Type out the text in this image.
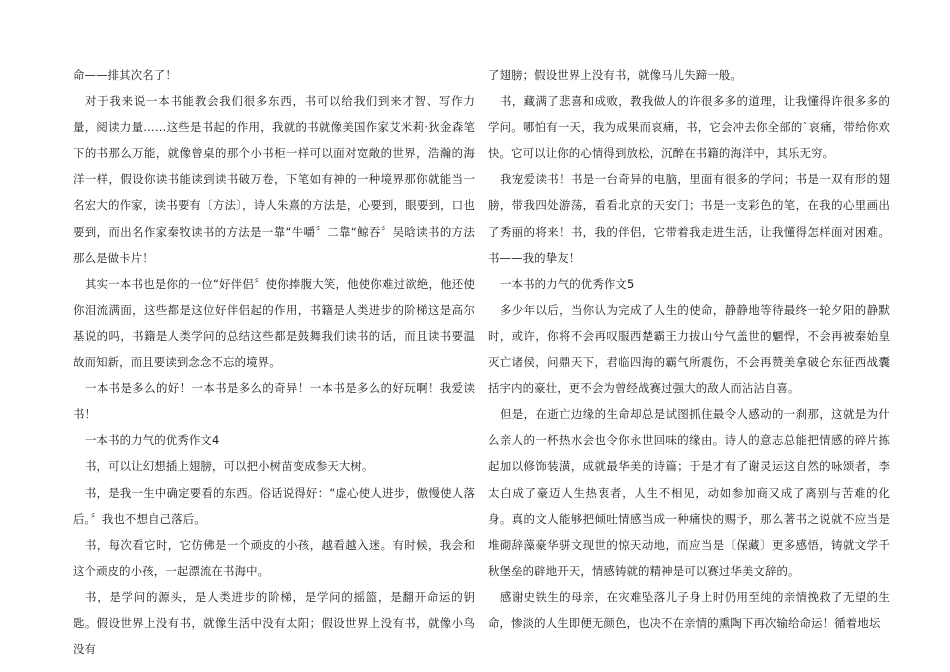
命——排其次名了！

对于我来说一本书能教会我们很多东西，书可以给我们到来才智、写作力量，阅读力量……这些是书起的作用，我就的书就像美国作家艾米莉·狄金森笔下的书那么万能，就像曾桌的那个小书柜一样可以面对宽敞的世界，浩瀚的海洋一样，假设你读书能读到读书破万卷，下笔如有神的一种境界那你就能当一名宏大的作家，读书要有〔方法〕，诗人朱熹的方法是，心要到，眼要到，口也要到，而出名作家秦牧读书的方法是一靠“牛嚼〞二靠“鲸吞〞吴晗读书的方法那么是做卡片！

其实一本书也是你的一位“好伴侣〞使你捧腹大笑，他使你难过欲绝，他还使你泪流满面，这些都是这位好伴侣起的作用，书籍是人类进步的阶梯这是高尔基说的吗，书籍是人类学问的总结这些都是鼓舞我们读书的话，而且读书要温故而知新，而且要读到念念不忘的境界。

一本书是多么的好！一本书是多么的奇异！一本书是多么的好玩啊！我爱读书！

一本书的力气的优秀作文4

书，可以让幻想插上翅膀，可以把小树苗变成参天大树。

书，是我一生中确定要看的东西。俗话说得好：“虚心使人进步，傲慢使人落后。〞我也不想自己落后。

书，每次看它时，它仿佛是一个顽皮的小孩，越看越入迷。有时候，我会和这个顽皮的小孩，一起漂流在书海中。

书，是学问的源头，是人类进步的阶梯，是学问的摇篮，是翻开命运的钥匙。假设世界上没有书，就像生活中没有太阳；假设世界上没有书，就像小鸟没有

了翅膀；假设世界上没有书，就像马儿失蹄一般。

书，藏满了悲喜和成败，教我做人的许很多多的道理，让我懂得许很多多的学问。哪怕有一天，我为成果而哀痛，书，它会冲去你全部的`哀痛，带给你欢快。它可以让你的心情得到放松，沉醉在书籍的海洋中，其乐无穷。

我宠爱读书！书是一台奇异的电脑，里面有很多的学问；书是一双有形的翅膀，带我四处游荡，看看北京的天安门；书是一支彩色的笔，在我的心里画出了秀丽的将来！书，我的伴侣，它带着我走进生活，让我懂得怎样面对困难。书——我的挚友！

一本书的力气的优秀作文5

多少年以后，当你认为完成了人生的使命，静静地等待最终一轮夕阳的静默时，或许，你将不会再叹服西楚霸王力拔山兮气盖世的魍悍，不会再被秦始皇灭亡诸侯，问鼎天下，君临四海的霸气所震伤，不会再赞美拿破仑东征西战囊括宇内的豪壮，更不会为曾经战赛过强大的敌人而沾沾自喜。

但是，在逝亡边缘的生命却总是试图抓住最令人感动的一刹那，这就是为什么亲人的一杯热水会也令你永世回味的缘由。诗人的意志总能把情感的碎片拣起加以修饰装潢，成就最华美的诗篇；于是才有了谢灵运这自然的咏颂者，李太白成了豪迈人生热衷者，人生不相见，动如参加商又成了离别与苦难的化身。真的文人能够把倾吐情感当成一种痛快的赐予，那么著书之说就不应当是堆砌辞藻豪华骈文现世的惊天动地，而应当是〔保藏〕更多感悟，铸就文学千秋堡垒的辟地开天，情感铸就的精神是可以赛过华美文辞的。

感谢史铁生的母亲，在灾难坠落儿子身上时仍用至纯的亲情挽救了无望的生命，惨淡的人生即便无颜色，也决不在亲情的熏陶下再次输给命运！循着地坛
